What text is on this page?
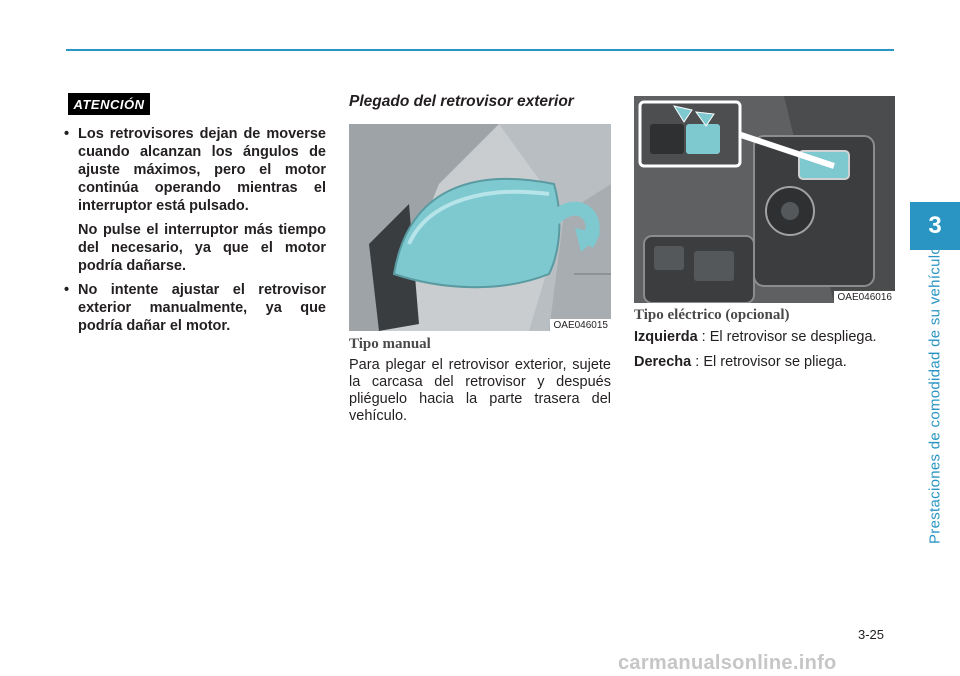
3
Prestaciones de comodidad de su vehículo
ATENCIÓN

• Los retrovisores dejan de moverse cuando alcanzan los ángulos de ajuste máximos, pero el motor continúa operando mientras el interruptor está pulsado.

No pulse el interruptor más tiempo del necesario, ya que el motor podría dañarse.

• No intente ajustar el retrovisor exterior manualmente, ya que podría dañar el motor.

Plegado del retrovisor exterior
OAE046015
OAE046016
Tipo manual
Para plegar el retrovisor exterior, sujete la carcasa del retrovisor y después pliéguelo hacia la parte trasera del vehículo.
Tipo eléctrico (opcional)

Izquierda : El retrovisor se despliega.

Derecha : El retrovisor se pliega.

3-25
carmanualsonline.info
